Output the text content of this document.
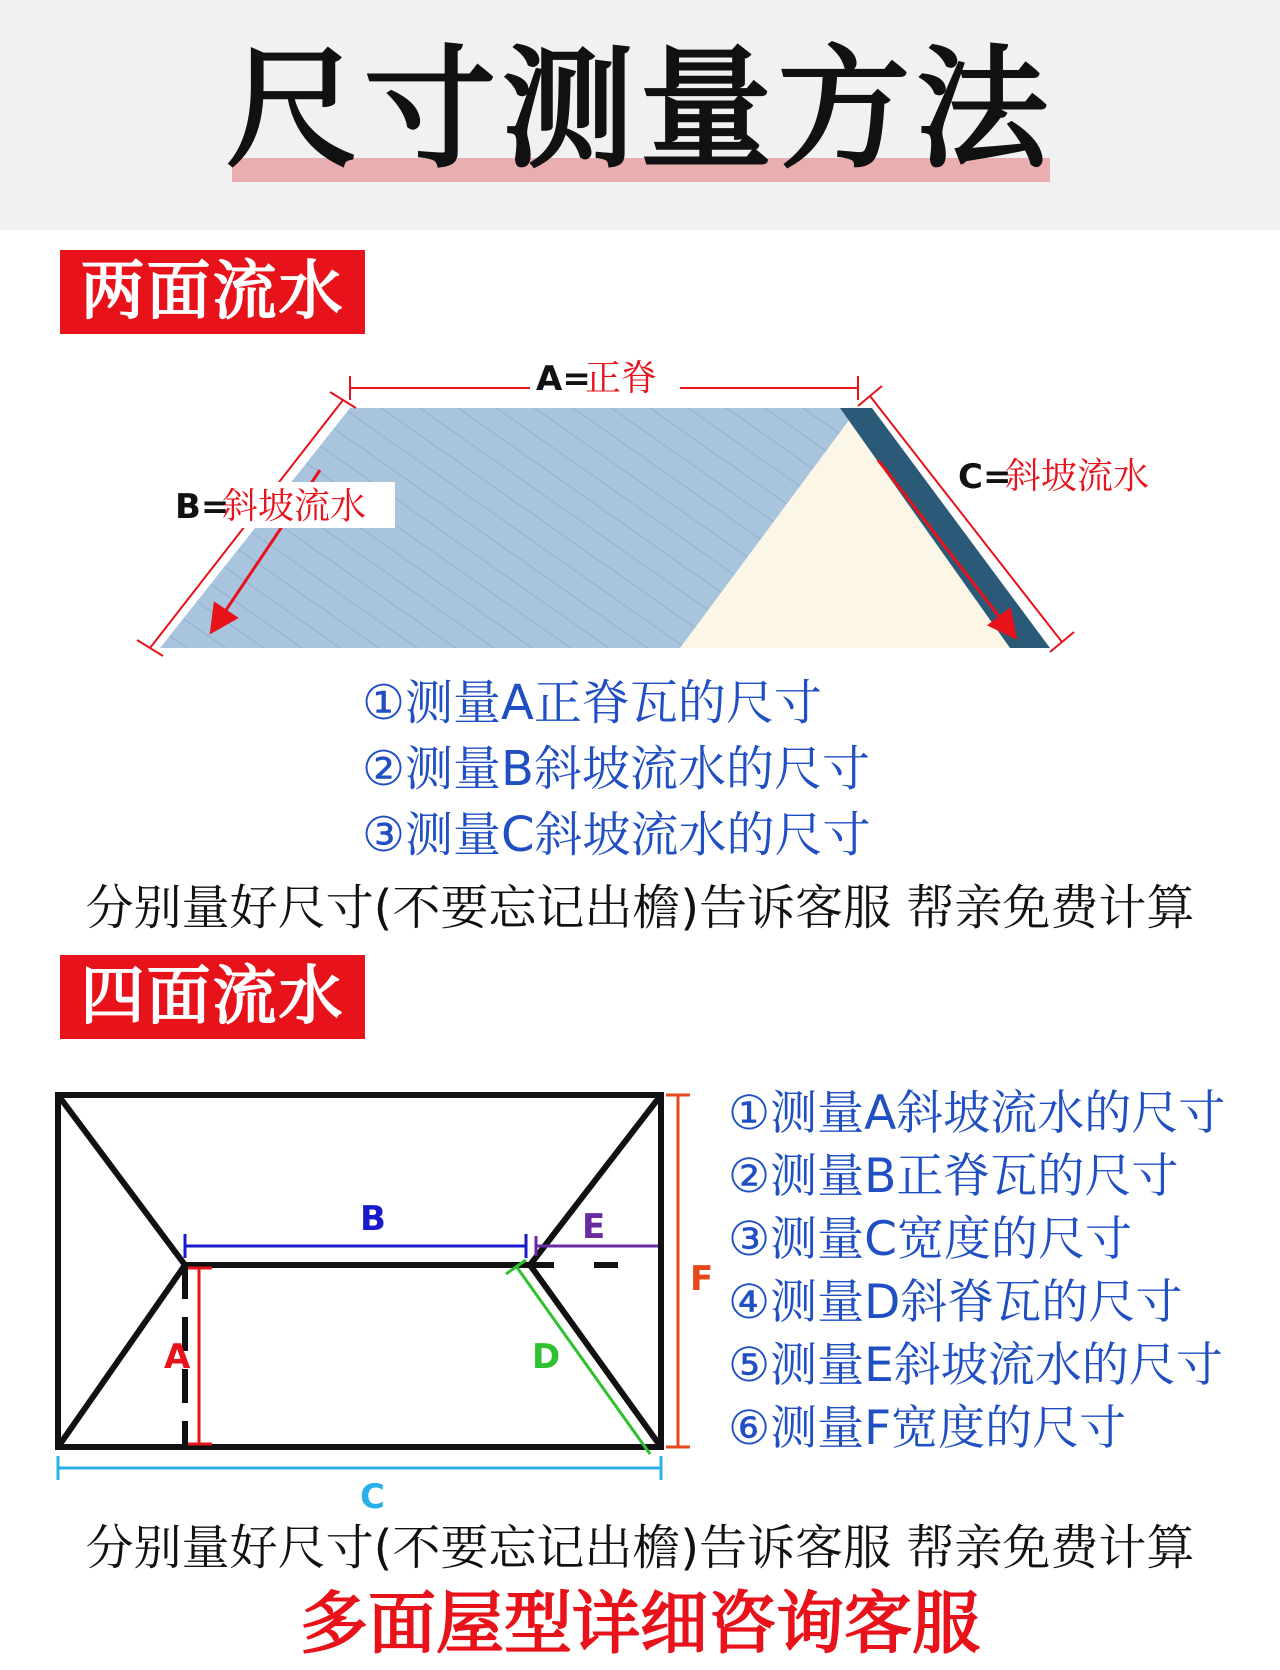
尺寸测量方法
两面流水
A=
正脊
B=
斜坡流水
C=
斜坡流水
①测量A正脊瓦的尺寸
②测量B斜坡流水的尺寸
③测量C斜坡流水的尺寸
分别量好尺寸(不要忘记出檐)告诉客服 帮亲免费计算
四面流水
A
B	E
D
F
C
①测量A斜坡流水的尺寸
②测量B正脊瓦的尺寸
③测量C宽度的尺寸
④测量D斜脊瓦的尺寸
⑤测量E斜坡流水的尺寸
⑥测量F宽度的尺寸
分别量好尺寸(不要忘记出檐)告诉客服 帮亲免费计算
多面屋型详细咨询客服
